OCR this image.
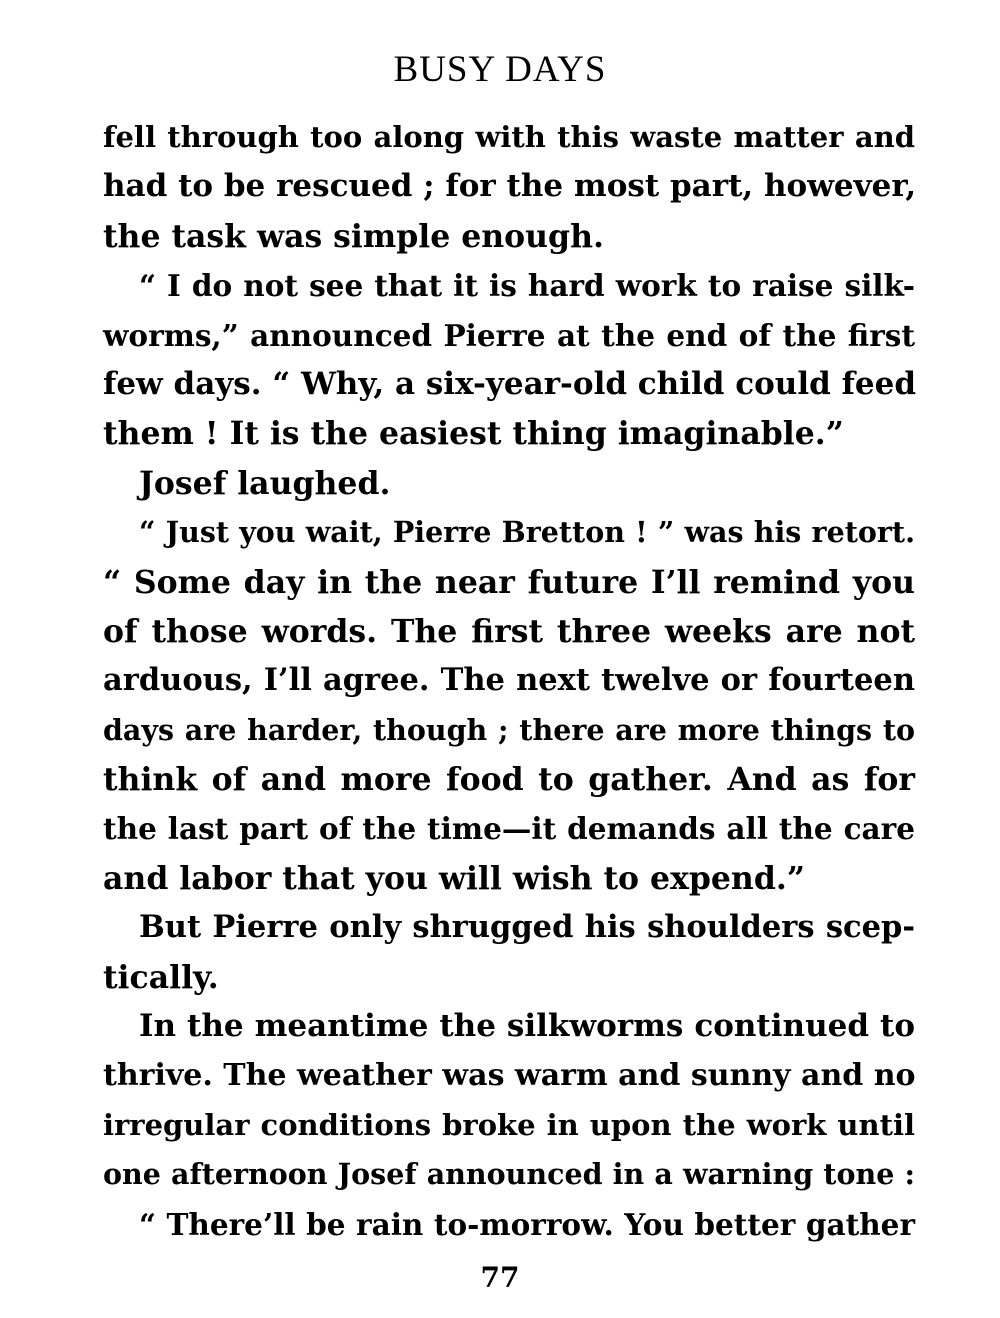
BUSY DAYS
fell through too along with this waste matter and
had to be rescued ; for the most part, however,
the task was simple enough.
“ I do not see that it is hard work to raise silk-
worms,” announced Pierre at the end of the first
few days. “ Why, a six-year-old child could feed
them ! It is the easiest thing imaginable.”
Josef laughed.
“ Just you wait, Pierre Bretton ! ” was his retort.
“ Some day in the near future I’ll remind you
of those words. The first three weeks are not
arduous, I’ll agree. The next twelve or fourteen
days are harder, though ; there are more things to
think of and more food to gather. And as for
the last part of the time—it demands all the care
and labor that you will wish to expend.”
But Pierre only shrugged his shoulders scep-
tically.
In the meantime the silkworms continued to
thrive. The weather was warm and sunny and no
irregular conditions broke in upon the work until
one afternoon Josef announced in a warning tone :
“ There’ll be rain to-morrow. You better gather
77
